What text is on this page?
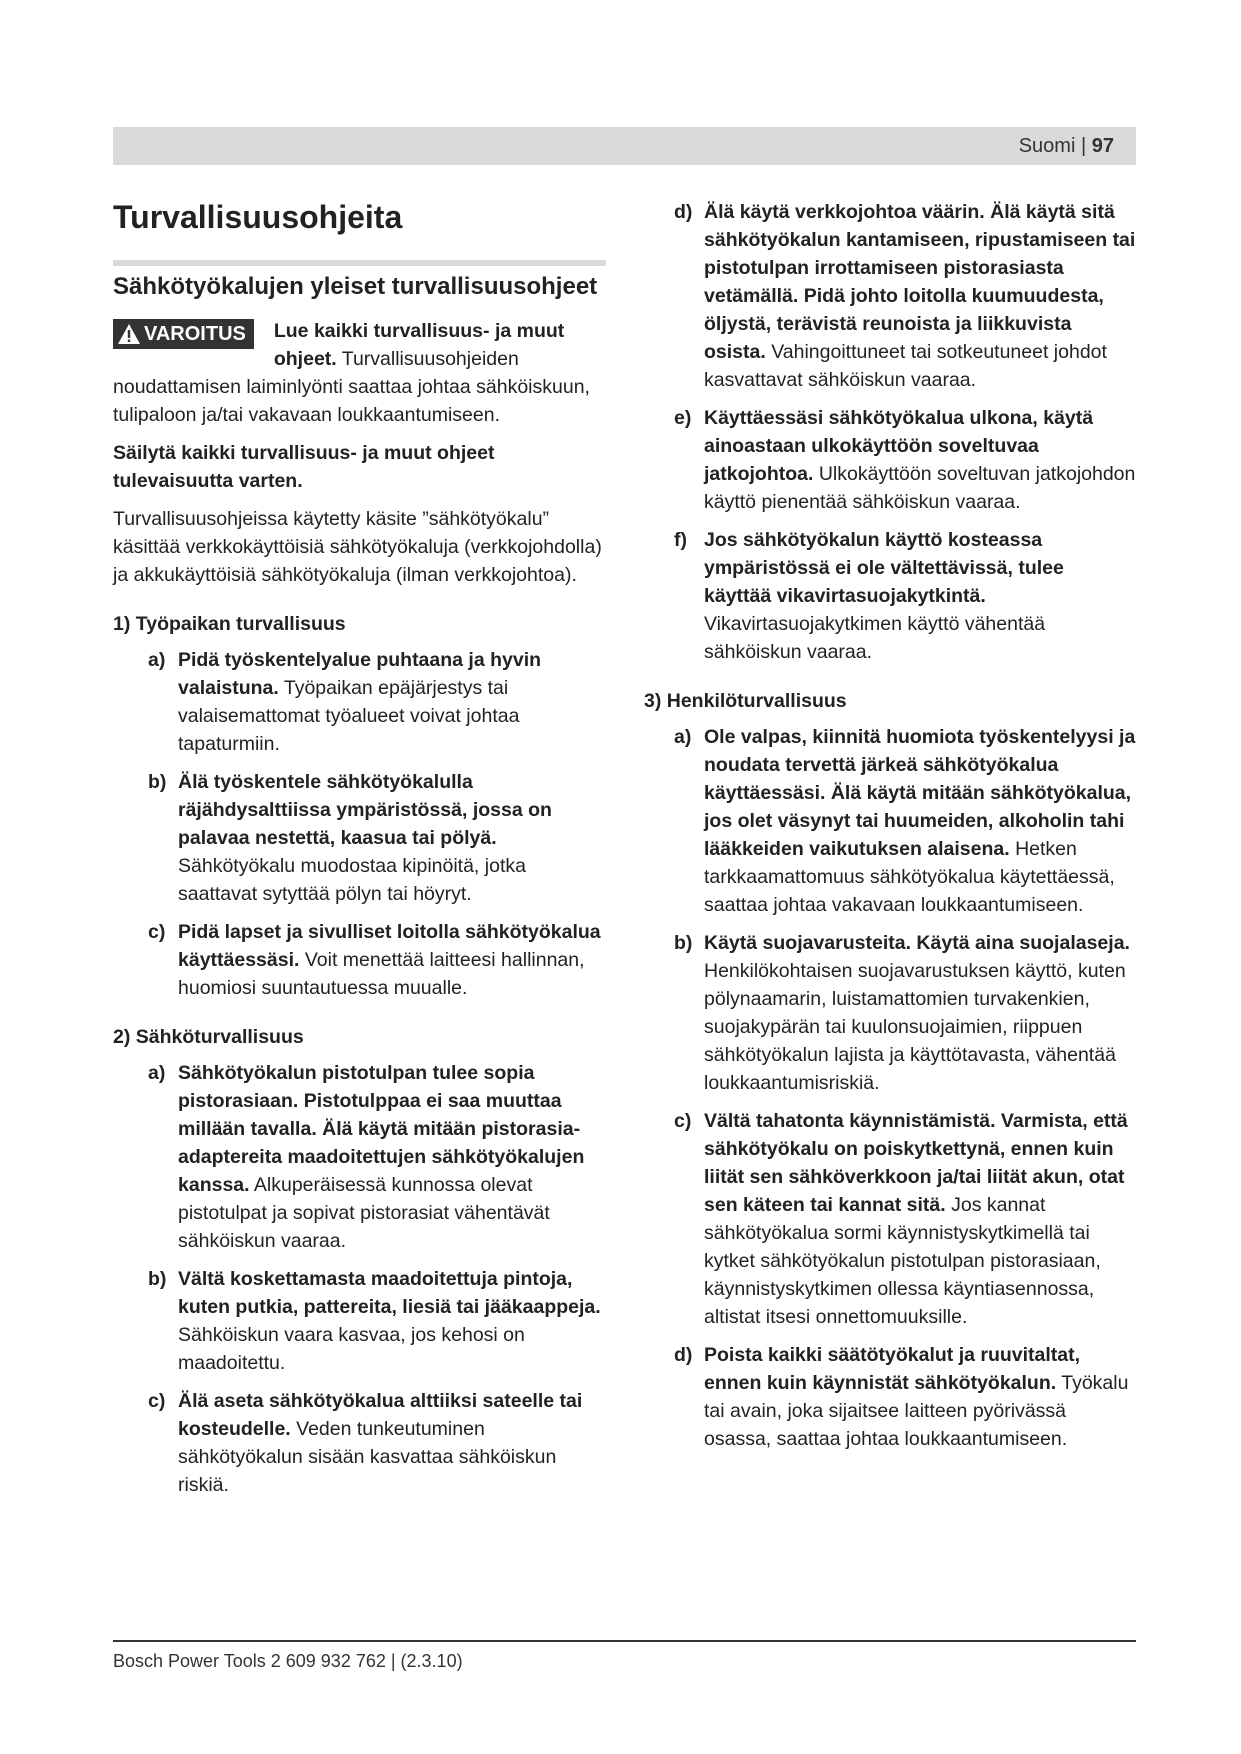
Suomi | 97
Turvallisuusohjeita
Sähkötyökalujen yleiset turvallisuusohjeet
VAROITUS	Lue kaikki turvallisuus- ja muut ohjeet. Turvallisuusohjeiden noudattamisen laiminlyönti saattaa johtaa sähköiskuun, tulipaloon ja/tai vakavaan loukkaantumiseen.

Säilytä kaikki turvallisuus- ja muut ohjeet tulevaisuutta varten.

Turvallisuusohjeissa käytetty käsite ”sähkötyökalu” käsittää verkkokäyttöisiä sähkötyökaluja (verkkojohdolla) ja akkukäyttöisiä sähkötyökaluja (ilman verkkojohtoa).

1) Työpaikan turvallisuus
a) Pidä työskentelyalue puhtaana ja hyvin valaistuna. Työpaikan epäjärjestys tai valaisemattomat työalueet voivat johtaa tapaturmiin.
b) Älä työskentele sähkötyökalulla räjähdysalttiissa ympäristössä, jossa on palavaa nestettä, kaasua tai pölyä. Sähkötyökalu muodostaa kipinöitä, jotka saattavat sytyttää pölyn tai höyryt.
c) Pidä lapset ja sivulliset loitolla sähkötyökalua käyttäessäsi. Voit menettää laitteesi hallinnan, huomiosi suuntautuessa muualle.
2) Sähköturvallisuus
a) Sähkötyökalun pistotulpan tulee sopia pistorasiaan. Pistotulppaa ei saa muuttaa millään tavalla. Älä käytä mitään pistorasia-adaptereita maadoitettujen sähkötyökalujen kanssa. Alkuperäisessä kunnossa olevat pistotulpat ja sopivat pistorasiat vähentävät sähköiskun vaaraa.
b) Vältä koskettamasta maadoitettuja pintoja, kuten putkia, pattereita, liesiä tai jääkaappeja. Sähköiskun vaara kasvaa, jos kehosi on maadoitettu.
c) Älä aseta sähkötyökalua alttiiksi sateelle tai kosteudelle. Veden tunkeutuminen sähkötyökalun sisään kasvattaa sähköiskun riskiä.
d) Älä käytä verkkojohtoa väärin. Älä käytä sitä sähkötyökalun kantamiseen, ripustamiseen tai pistotulpan irrottamiseen pistorasiasta vetämällä. Pidä johto loitolla kuumuudesta, öljystä, terävistä reunoista ja liikkuvista osista. Vahingoittuneet tai sotkeutuneet johdot kasvattavat sähköiskun vaaraa.
e) Käyttäessäsi sähkötyökalua ulkona, käytä ainoastaan ulkokäyttöön soveltuvaa jatkojohtoa. Ulkokäyttöön soveltuvan jatkojohdon käyttö pienentää sähköiskun vaaraa.
f) Jos sähkötyökalun käyttö kosteassa ympäristössä ei ole vältettävissä, tulee käyttää vikavirtasuojakytkintä. Vikavirtasuojakytkimen käyttö vähentää sähköiskun vaaraa.
3) Henkilöturvallisuus
a) Ole valpas, kiinnitä huomiota työskentelyysi ja noudata tervettä järkeä sähkötyökalua käyttäessäsi. Älä käytä mitään sähkötyökalua, jos olet väsynyt tai huumeiden, alkoholin tahi lääkkeiden vaikutuksen alaisena. Hetken tarkkaamattomuus sähkötyökalua käytettäessä, saattaa johtaa vakavaan loukkaantumiseen.
b) Käytä suojavarusteita. Käytä aina suojalaseja. Henkilökohtaisen suojavarustuksen käyttö, kuten pölynaamarin, luistamattomien turvakenkien, suojakypärän tai kuulonsuojaimien, riippuen sähkötyökalun lajista ja käyttötavasta, vähentää loukkaantumisriskiä.
c) Vältä tahatonta käynnistämistä. Varmista, että sähkötyökalu on poiskytkettynä, ennen kuin liität sen sähköverkkoon ja/tai liität akun, otat sen käteen tai kannat sitä. Jos kannat sähkötyökalua sormi käynnistyskytkimellä tai kytket sähkötyökalun pistotulpan pistorasiaan, käynnistyskytkimen ollessa käyntiasennossa, altistat itsesi onnettomuuksille.
d) Poista kaikki säätötyökalut ja ruuvitaltat, ennen kuin käynnistät sähkötyökalun. Työkalu tai avain, joka sijaitsee laitteen pyörivässä osassa, saattaa johtaa loukkaantumiseen.
Bosch Power Tools 2 609 932 762 | (2.3.10)
